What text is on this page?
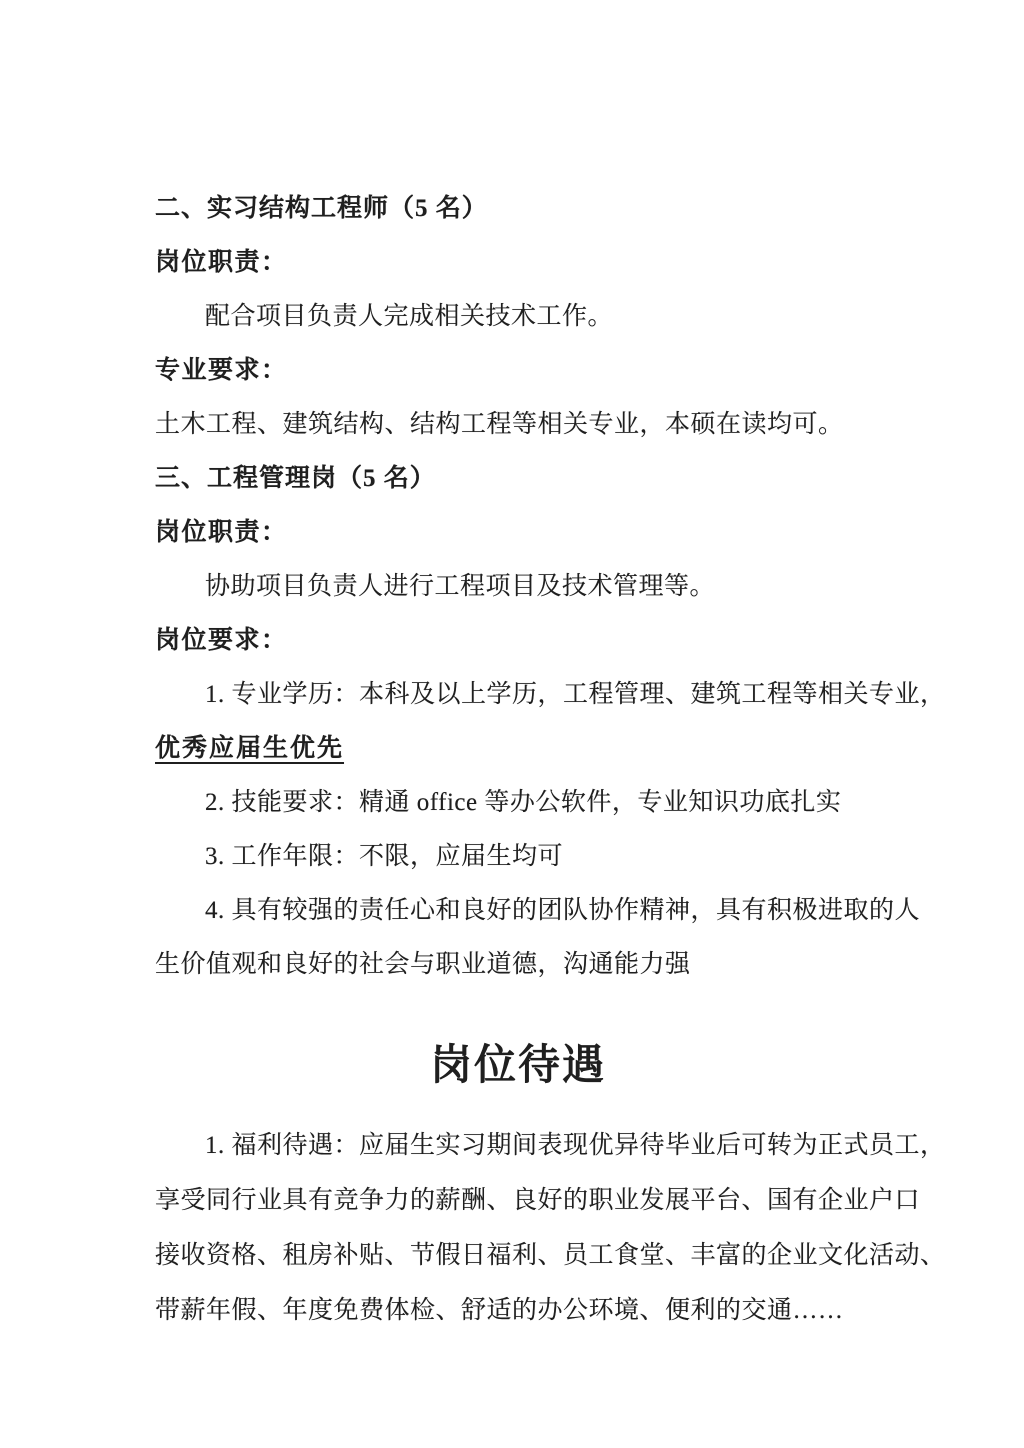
二、实习结构工程师（5 名）
岗位职责：
配合项目负责人完成相关技术工作。
专业要求：
土木工程、建筑结构、结构工程等相关专业，本硕在读均可。
三、工程管理岗（5 名）
岗位职责：
协助项目负责人进行工程项目及技术管理等。
岗位要求：
1. 专业学历：本科及以上学历，工程管理、建筑工程等相关专业，
优秀应届生优先
2. 技能要求：精通 office 等办公软件，专业知识功底扎实
3. 工作年限：不限，应届生均可
4. 具有较强的责任心和良好的团队协作精神，具有积极进取的人
生价值观和良好的社会与职业道德，沟通能力强
岗位待遇
1. 福利待遇：应届生实习期间表现优异待毕业后可转为正式员工，
享受同行业具有竞争力的薪酬、良好的职业发展平台、国有企业户口
接收资格、租房补贴、节假日福利、员工食堂、丰富的企业文化活动、
带薪年假、年度免费体检、舒适的办公环境、便利的交通……
